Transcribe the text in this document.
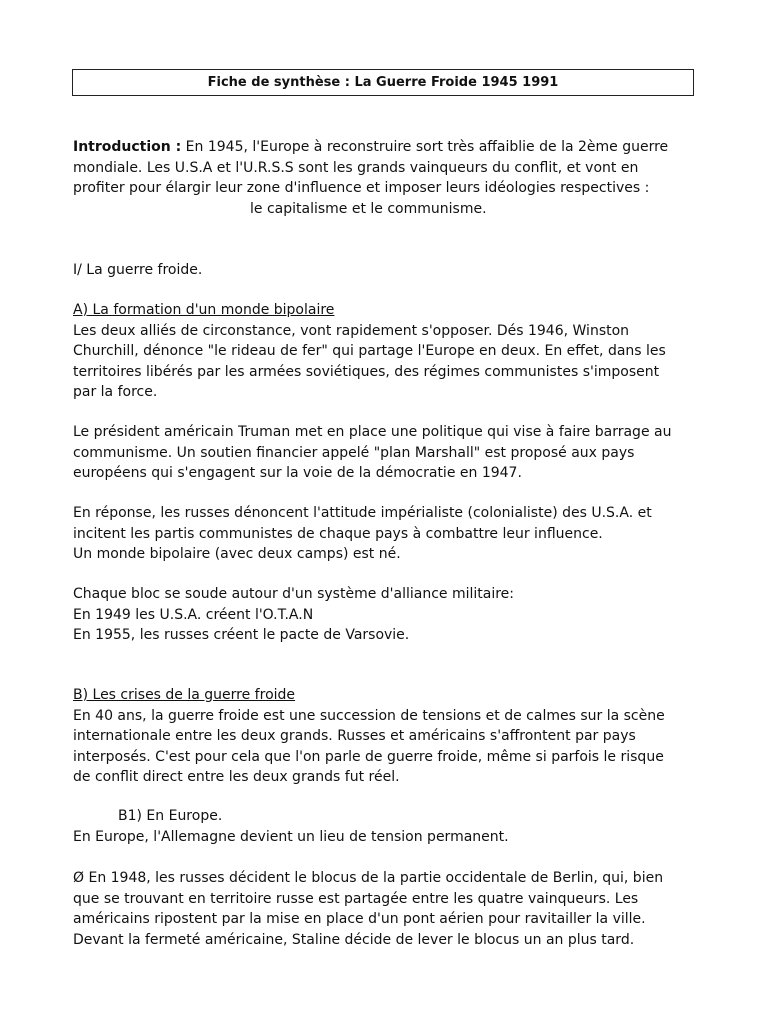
Fiche de synthèse : La Guerre Froide 1945 1991
Introduction : En 1945, l'Europe à reconstruire sort très affaiblie de la 2ème guerre
mondiale. Les U.S.A et l'U.R.S.S sont les grands vainqueurs du conflit, et vont en
profiter pour élargir leur zone d'influence et imposer leurs idéologies respectives :
le capitalisme et le communisme.
I/ La guerre froide.
A) La formation d'un monde bipolaire
Les deux alliés de circonstance, vont rapidement s'opposer. Dés 1946, Winston
Churchill, dénonce "le rideau de fer" qui partage l'Europe en deux. En effet, dans les
territoires libérés par les armées soviétiques, des régimes communistes s'imposent
par la force.
Le président américain Truman met en place une politique qui vise à faire barrage au
communisme. Un soutien financier appelé "plan Marshall" est proposé aux pays
européens qui s'engagent sur la voie de la démocratie en 1947.
En réponse, les russes dénoncent l'attitude impérialiste (colonialiste) des U.S.A. et
incitent les partis communistes de chaque pays à combattre leur influence.
Un monde bipolaire (avec deux camps) est né.
Chaque bloc se soude autour d'un système d'alliance militaire:
En 1949 les U.S.A. créent l'O.T.A.N
En 1955, les russes créent le pacte de Varsovie.
B) Les crises de la guerre froide
En 40 ans, la guerre froide est une succession de tensions et de calmes sur la scène
internationale entre les deux grands. Russes et américains s'affrontent par pays
interposés. C'est pour cela que l'on parle de guerre froide, même si parfois le risque
de conflit direct entre les deux grands fut réel.
B1) En Europe.
En Europe, l'Allemagne devient un lieu de tension permanent.
Ø En 1948, les russes décident le blocus de la partie occidentale de Berlin, qui, bien
que se trouvant en territoire russe est partagée entre les quatre vainqueurs. Les
américains ripostent par la mise en place d'un pont aérien pour ravitailler la ville.
Devant la fermeté américaine, Staline décide de lever le blocus un an plus tard.
